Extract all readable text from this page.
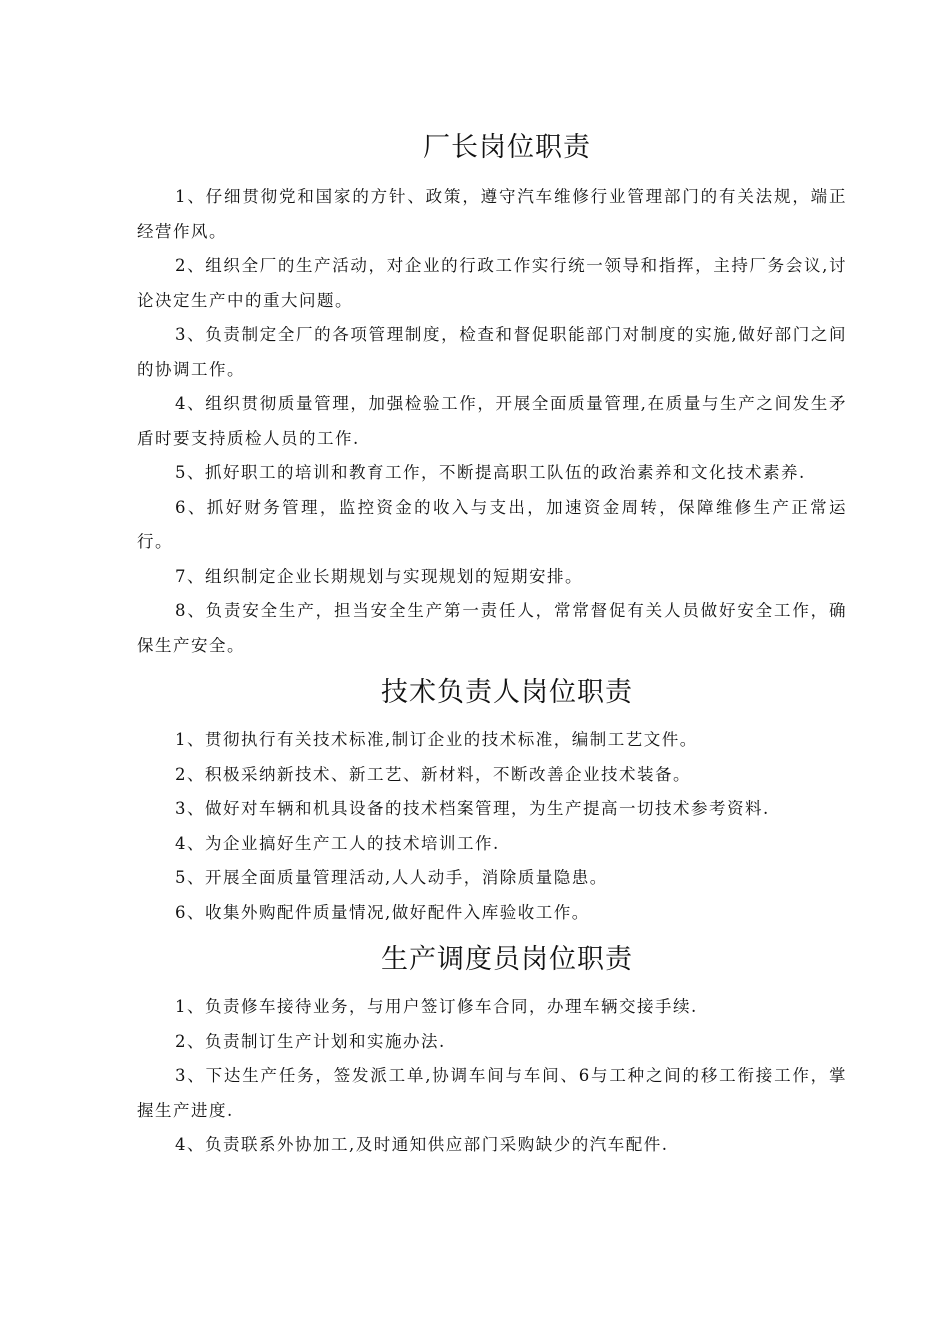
厂长岗位职责

1、仔细贯彻党和国家的方针、政策，遵守汽车维修行业管理部门的有关法规，端正经营作风。

2、组织全厂的生产活动，对企业的行政工作实行统一领导和指挥，主持厂务会议,讨论决定生产中的重大问题。

3、负责制定全厂的各项管理制度，检查和督促职能部门对制度的实施,做好部门之间的协调工作。

4、组织贯彻质量管理，加强检验工作，开展全面质量管理,在质量与生产之间发生矛盾时要支持质检人员的工作.

5、抓好职工的培训和教育工作，不断提高职工队伍的政治素养和文化技术素养.

6、抓好财务管理，监控资金的收入与支出，加速资金周转，保障维修生产正常运行。

7、组织制定企业长期规划与实现规划的短期安排。

8、负责安全生产，担当安全生产第一责任人，常常督促有关人员做好安全工作，确保生产安全。

技术负责人岗位职责

1、贯彻执行有关技术标准,制订企业的技术标准，编制工艺文件。

2、积极采纳新技术、新工艺、新材料，不断改善企业技术装备。

3、做好对车辆和机具设备的技术档案管理，为生产提高一切技术参考资料.

4、为企业搞好生产工人的技术培训工作.

5、开展全面质量管理活动,人人动手，消除质量隐患。

6、收集外购配件质量情况,做好配件入库验收工作。

生产调度员岗位职责

1、负责修车接待业务，与用户签订修车合同，办理车辆交接手续.

2、负责制订生产计划和实施办法.

3、下达生产任务，签发派工单,协调车间与车间、6与工种之间的移工衔接工作，掌握生产进度.

4、负责联系外协加工,及时通知供应部门采购缺少的汽车配件.
